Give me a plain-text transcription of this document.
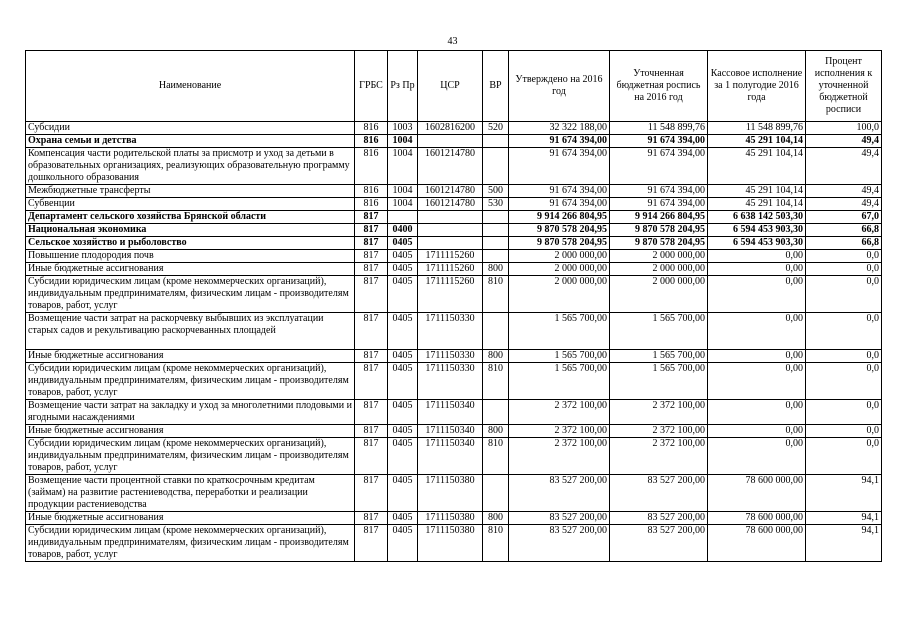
43
Наименование	ГРБС	Рз Пр	ЦСР	ВР	Утверждено на 2016 год	Уточненная бюджетная роспись на 2016 год	Кассовое исполнение за 1 полугодие 2016 года	Процент исполнения к уточненной бюджетной росписи
Субсидии	816	1003	1602816200	520	32 322 188,00	11 548 899,76	11 548 899,76	100,0
Охрана семьи и детства	816	1004			91 674 394,00	91 674 394,00	45 291 104,14	49,4
Компенсация части родительской платы за присмотр и уход за детьми в образовательных организациях, реализующих образовательную программу дошкольного образования	816	1004	1601214780		91 674 394,00	91 674 394,00	45 291 104,14	49,4
Межбюджетные трансферты	816	1004	1601214780	500	91 674 394,00	91 674 394,00	45 291 104,14	49,4
Субвенции	816	1004	1601214780	530	91 674 394,00	91 674 394,00	45 291 104,14	49,4
Департамент сельского хозяйства Брянской области	817				9 914 266 804,95	9 914 266 804,95	6 638 142 503,30	67,0
Национальная экономика	817	0400			9 870 578 204,95	9 870 578 204,95	6 594 453 903,30	66,8
Сельское хозяйство и рыболовство	817	0405			9 870 578 204,95	9 870 578 204,95	6 594 453 903,30	66,8
Повышение плодородия почв	817	0405	1711115260		2 000 000,00	2 000 000,00	0,00	0,0
Иные бюджетные ассигнования	817	0405	1711115260	800	2 000 000,00	2 000 000,00	0,00	0,0
Субсидии юридическим лицам (кроме некоммерческих организаций), индивидуальным предпринимателям, физическим лицам - производителям товаров, работ, услуг	817	0405	1711115260	810	2 000 000,00	2 000 000,00	0,00	0,0
Возмещение части затрат на раскорчевку выбывших из эксплуатации старых садов и рекультивацию раскорчеванных площадей	817	0405	1711150330		1 565 700,00	1 565 700,00	0,00	0,0
Иные бюджетные ассигнования	817	0405	1711150330	800	1 565 700,00	1 565 700,00	0,00	0,0
Субсидии юридическим лицам (кроме некоммерческих организаций), индивидуальным предпринимателям, физическим лицам - производителям товаров, работ, услуг	817	0405	1711150330	810	1 565 700,00	1 565 700,00	0,00	0,0
Возмещение части затрат на закладку и уход за многолетними плодовыми и ягодными насаждениями	817	0405	1711150340		2 372 100,00	2 372 100,00	0,00	0,0
Иные бюджетные ассигнования	817	0405	1711150340	800	2 372 100,00	2 372 100,00	0,00	0,0
Субсидии юридическим лицам (кроме некоммерческих организаций), индивидуальным предпринимателям, физическим лицам - производителям товаров, работ, услуг	817	0405	1711150340	810	2 372 100,00	2 372 100,00	0,00	0,0
Возмещение части процентной ставки по краткосрочным кредитам (займам) на развитие растениеводства, переработки и реализации продукции растениеводства	817	0405	1711150380		83 527 200,00	83 527 200,00	78 600 000,00	94,1
Иные бюджетные ассигнования	817	0405	1711150380	800	83 527 200,00	83 527 200,00	78 600 000,00	94,1
Субсидии юридическим лицам (кроме некоммерческих организаций), индивидуальным предпринимателям, физическим лицам - производителям товаров, работ, услуг	817	0405	1711150380	810	83 527 200,00	83 527 200,00	78 600 000,00	94,1
